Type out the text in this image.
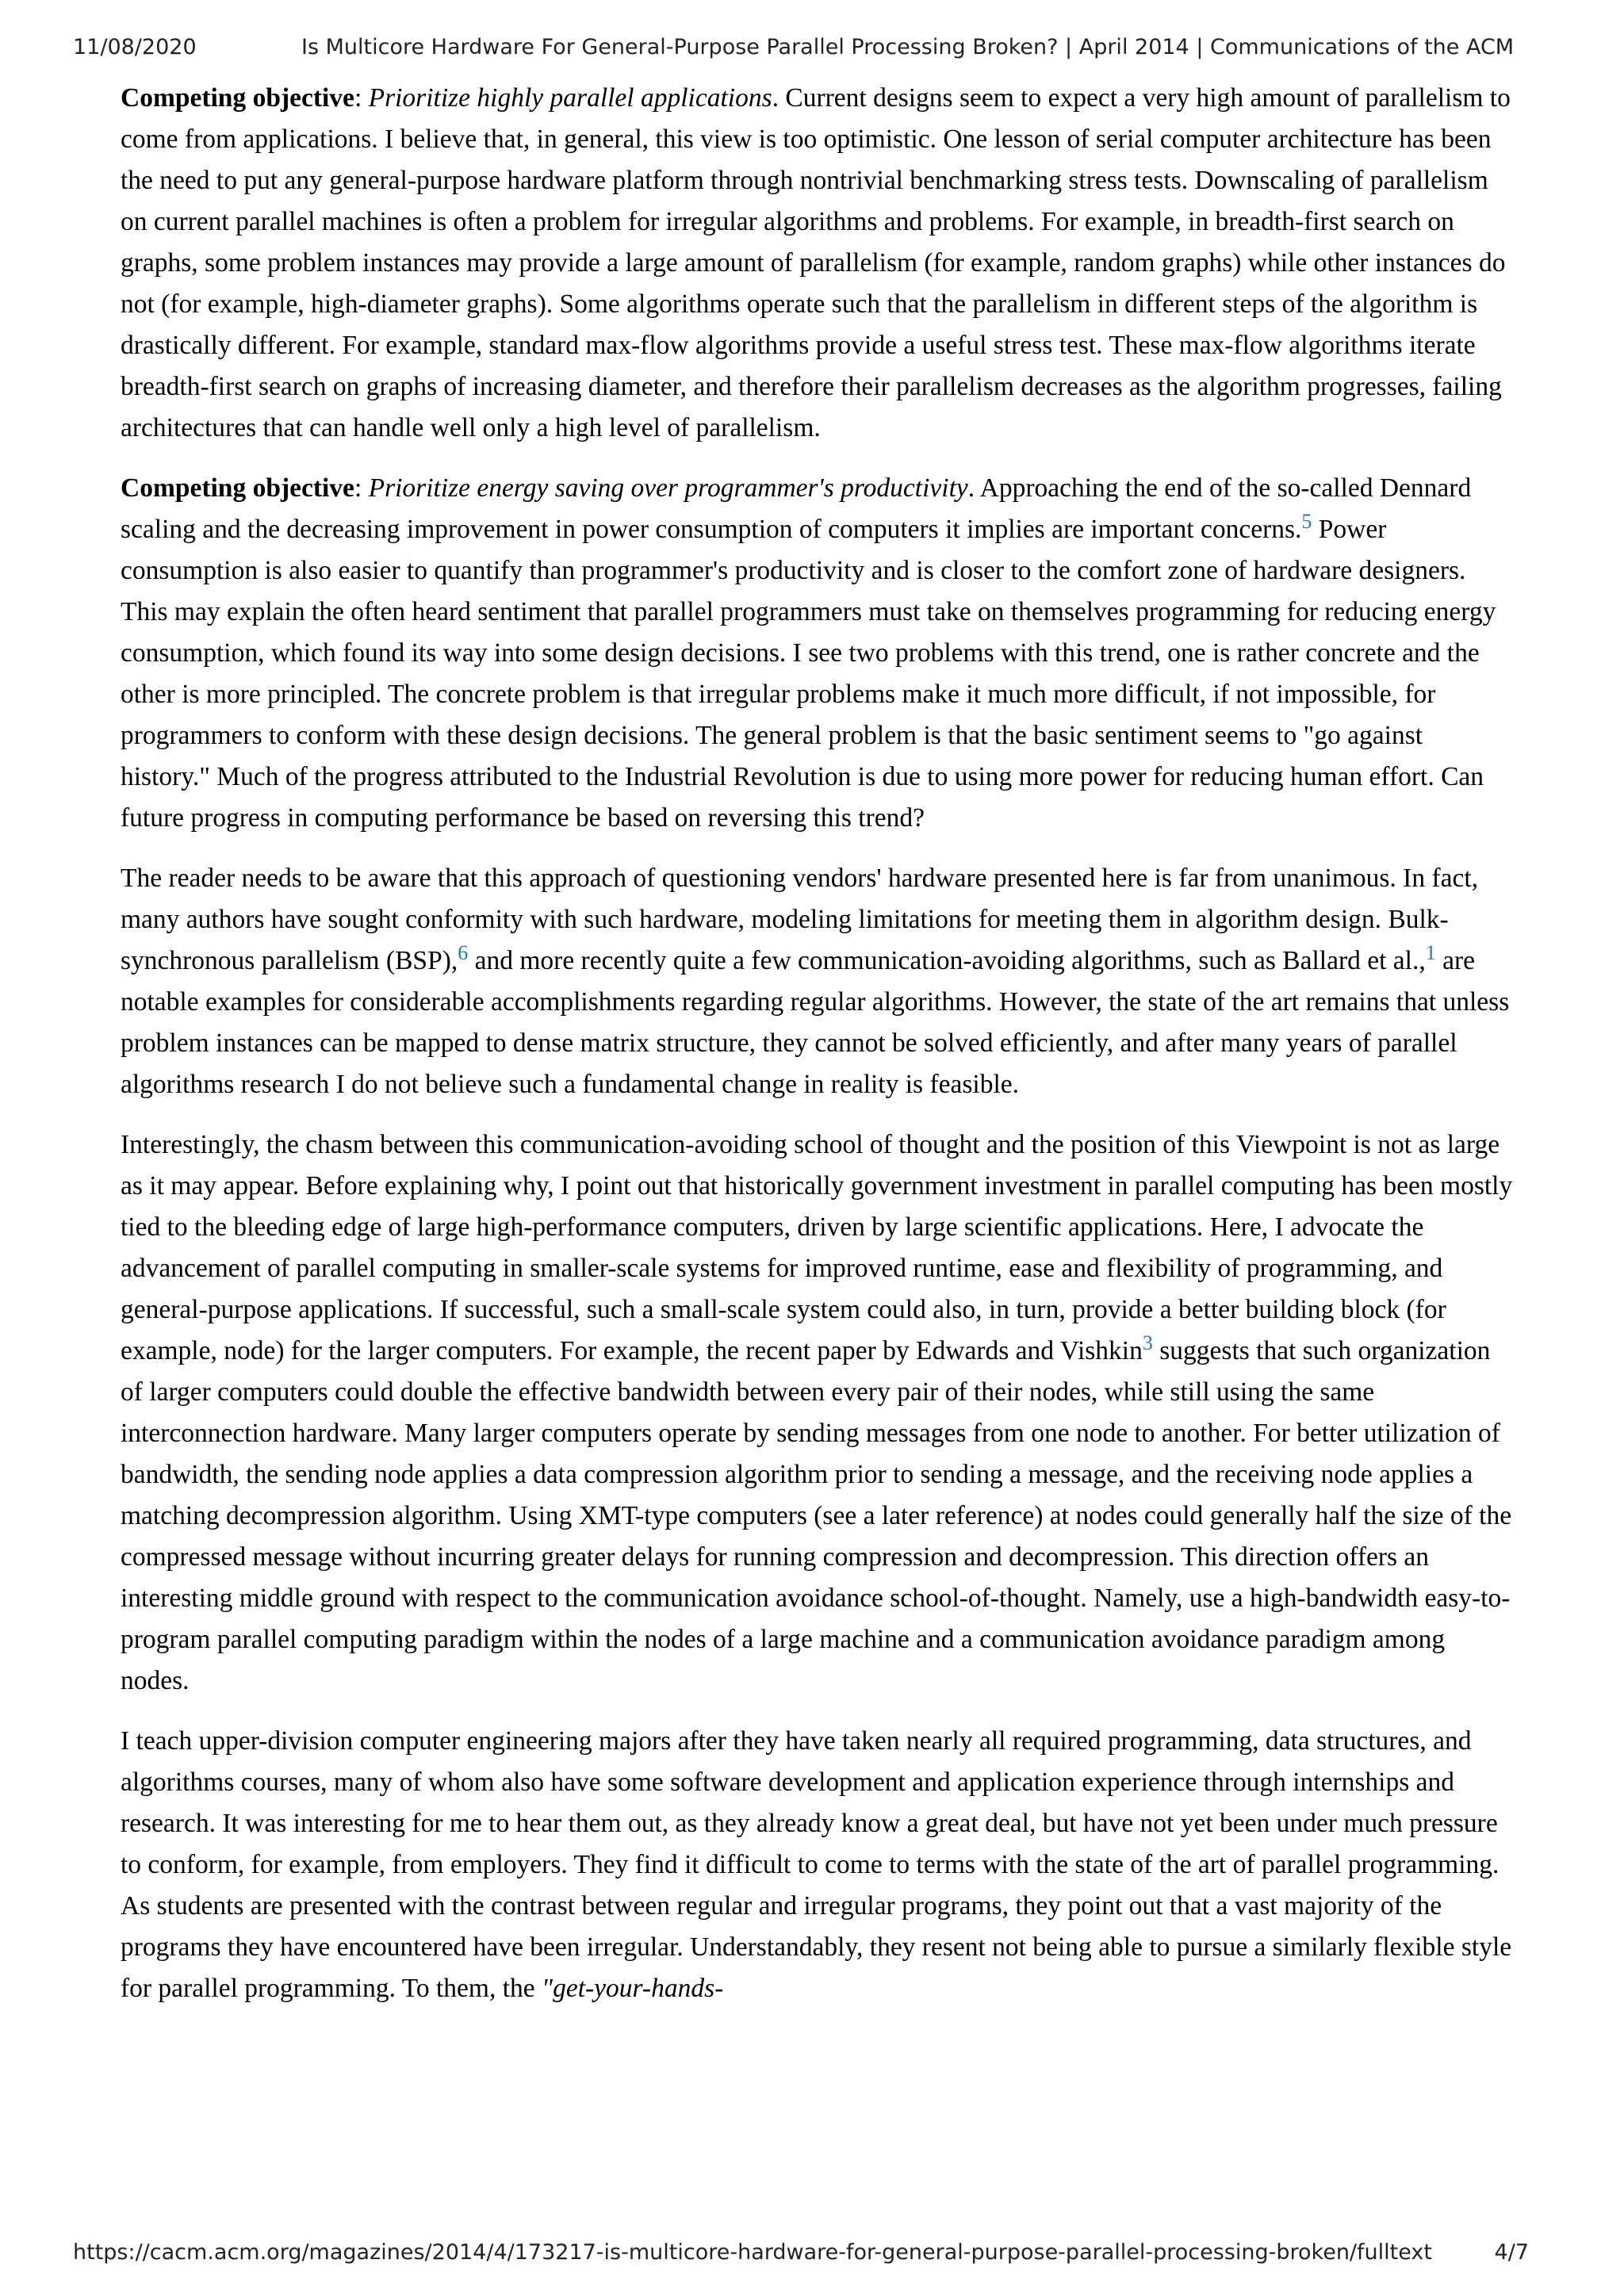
11/08/2020	Is Multicore Hardware For General-Purpose Parallel Processing Broken? | April 2014 | Communications of the ACM

Competing objective: Prioritize highly parallel applications. Current designs seem to expect a very high amount of parallelism to come from applications. I believe that, in general, this view is too optimistic. One lesson of serial computer architecture has been the need to put any general-purpose hardware platform through nontrivial benchmarking stress tests. Downscaling of parallelism on current parallel machines is often a problem for irregular algorithms and problems. For example, in breadth-first search on graphs, some problem instances may provide a large amount of parallelism (for example, random graphs) while other instances do not (for example, high-diameter graphs). Some algorithms operate such that the parallelism in different steps of the algorithm is drastically different. For example, standard max-flow algorithms provide a useful stress test. These max-flow algorithms iterate breadth-first search on graphs of increasing diameter, and therefore their parallelism decreases as the algorithm progresses, failing architectures that can handle well only a high level of parallelism.

Competing objective: Prioritize energy saving over programmer's productivity. Approaching the end of the so-called Dennard scaling and the decreasing improvement in power consumption of computers it implies are important concerns.$^5$ Power consumption is also easier to quantify than programmer's productivity and is closer to the comfort zone of hardware designers. This may explain the often heard sentiment that parallel programmers must take on themselves programming for reducing energy consumption, which found its way into some design decisions. I see two problems with this trend, one is rather concrete and the other is more principled. The concrete problem is that irregular problems make it much more difficult, if not impossible, for programmers to conform with these design decisions. The general problem is that the basic sentiment seems to "go against history." Much of the progress attributed to the Industrial Revolution is due to using more power for reducing human effort. Can future progress in computing performance be based on reversing this trend?

The reader needs to be aware that this approach of questioning vendors' hardware presented here is far from unanimous. In fact, many authors have sought conformity with such hardware, modeling limitations for meeting them in algorithm design. Bulk-synchronous parallelism (BSP),$^6$ and more recently quite a few communication-avoiding algorithms, such as Ballard et al.,$^1$ are notable examples for considerable accomplishments regarding regular algorithms. However, the state of the art remains that unless problem instances can be mapped to dense matrix structure, they cannot be solved efficiently, and after many years of parallel algorithms research I do not believe such a fundamental change in reality is feasible.

Interestingly, the chasm between this communication-avoiding school of thought and the position of this Viewpoint is not as large as it may appear. Before explaining why, I point out that historically government investment in parallel computing has been mostly tied to the bleeding edge of large high-performance computers, driven by large scientific applications. Here, I advocate the advancement of parallel computing in smaller-scale systems for improved runtime, ease and flexibility of programming, and general-purpose applications. If successful, such a small-scale system could also, in turn, provide a better building block (for example, node) for the larger computers. For example, the recent paper by Edwards and Vishkin$^3$ suggests that such organization of larger computers could double the effective bandwidth between every pair of their nodes, while still using the same interconnection hardware. Many larger computers operate by sending messages from one node to another. For better utilization of bandwidth, the sending node applies a data compression algorithm prior to sending a message, and the receiving node applies a matching decompression algorithm. Using XMT-type computers (see a later reference) at nodes could generally half the size of the compressed message without incurring greater delays for running compression and decompression. This direction offers an interesting middle ground with respect to the communication avoidance school-of-thought. Namely, use a high-bandwidth easy-to-program parallel computing paradigm within the nodes of a large machine and a communication avoidance paradigm among nodes.

I teach upper-division computer engineering majors after they have taken nearly all required programming, data structures, and algorithms courses, many of whom also have some software development and application experience through internships and research. It was interesting for me to hear them out, as they already know a great deal, but have not yet been under much pressure to conform, for example, from employers. They find it difficult to come to terms with the state of the art of parallel programming. As students are presented with the contrast between regular and irregular programs, they point out that a vast majority of the programs they have encountered have been irregular. Understandably, they resent not being able to pursue a similarly flexible style for parallel programming. To them, the "get-your-hands-

https://cacm.acm.org/magazines/2014/4/173217-is-multicore-hardware-for-general-purpose-parallel-processing-broken/fulltext	4/7
